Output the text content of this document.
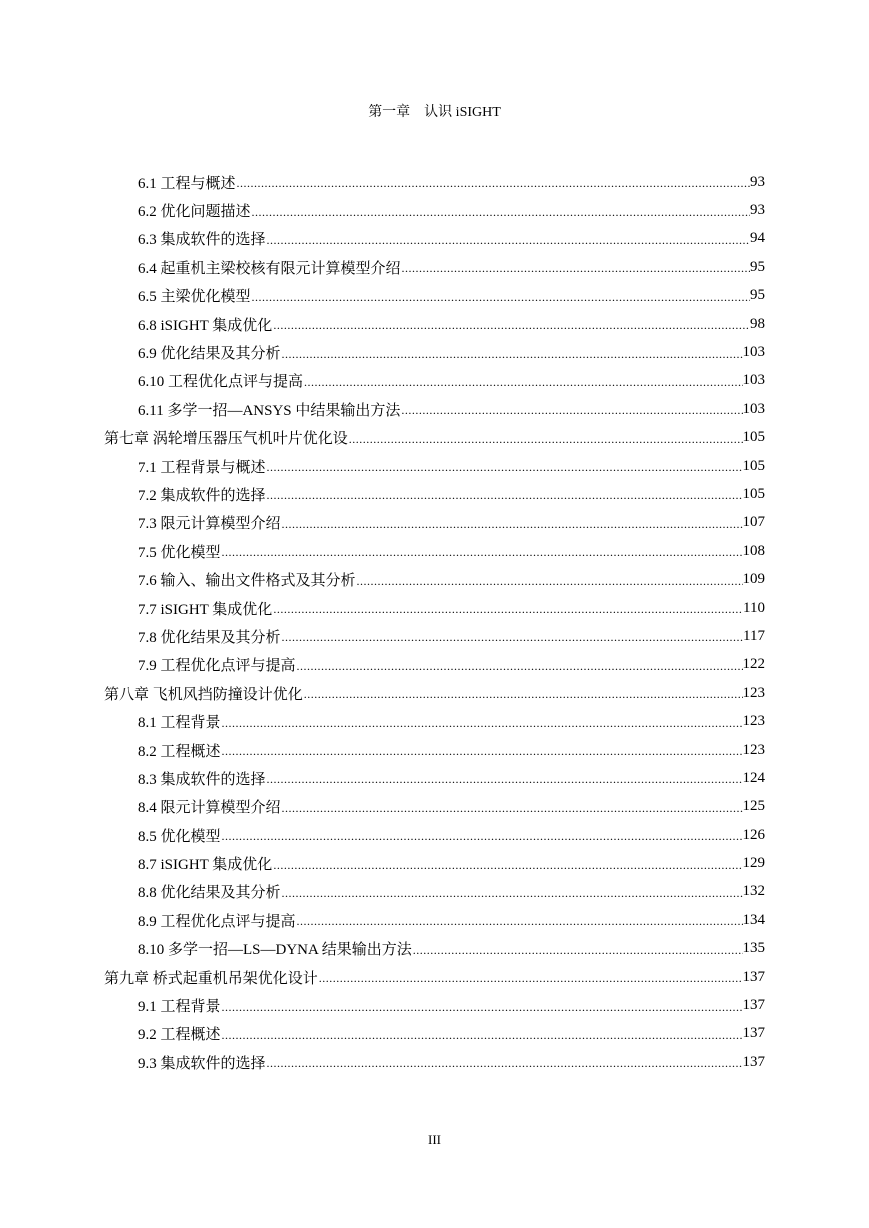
第一章　认识 iSIGHT
6.1 工程与概述 .....	93
6.2 优化问题描述 .....	93
6.3 集成软件的选择 .....	94
6.4 起重机主梁校核有限元计算模型介绍 .....	95
6.5 主梁优化模型 .....	95
6.8 iSIGHT 集成优化 .....	98
6.9 优化结果及其分析 .....	103
6.10 工程优化点评与提高 .....	103
6.11 多学一招—ANSYS 中结果输出方法 .....	103
第七章 涡轮增压器压气机叶片优化设 .....	105
7.1 工程背景与概述 .....	105
7.2 集成软件的选择 .....	105
7.3 限元计算模型介绍 .....	107
7.5 优化模型 .....	108
7.6 输入、输出文件格式及其分析 .....	109
7.7 iSIGHT 集成优化 .....	110
7.8 优化结果及其分析 .....	117
7.9 工程优化点评与提高 .....	122
第八章 飞机风挡防撞设计优化 .....	123
8.1 工程背景 .....	123
8.2 工程概述 .....	123
8.3 集成软件的选择 .....	124
8.4 限元计算模型介绍 .....	125
8.5 优化模型 .....	126
8.7 iSIGHT 集成优化 .....	129
8.8 优化结果及其分析 .....	132
8.9 工程优化点评与提高 .....	134
8.10 多学一招—LS—DYNA 结果输出方法 .....	135
第九章 桥式起重机吊架优化设计 .....	137
9.1 工程背景 .....	137
9.2 工程概述 .....	137
9.3 集成软件的选择 .....	137
III
